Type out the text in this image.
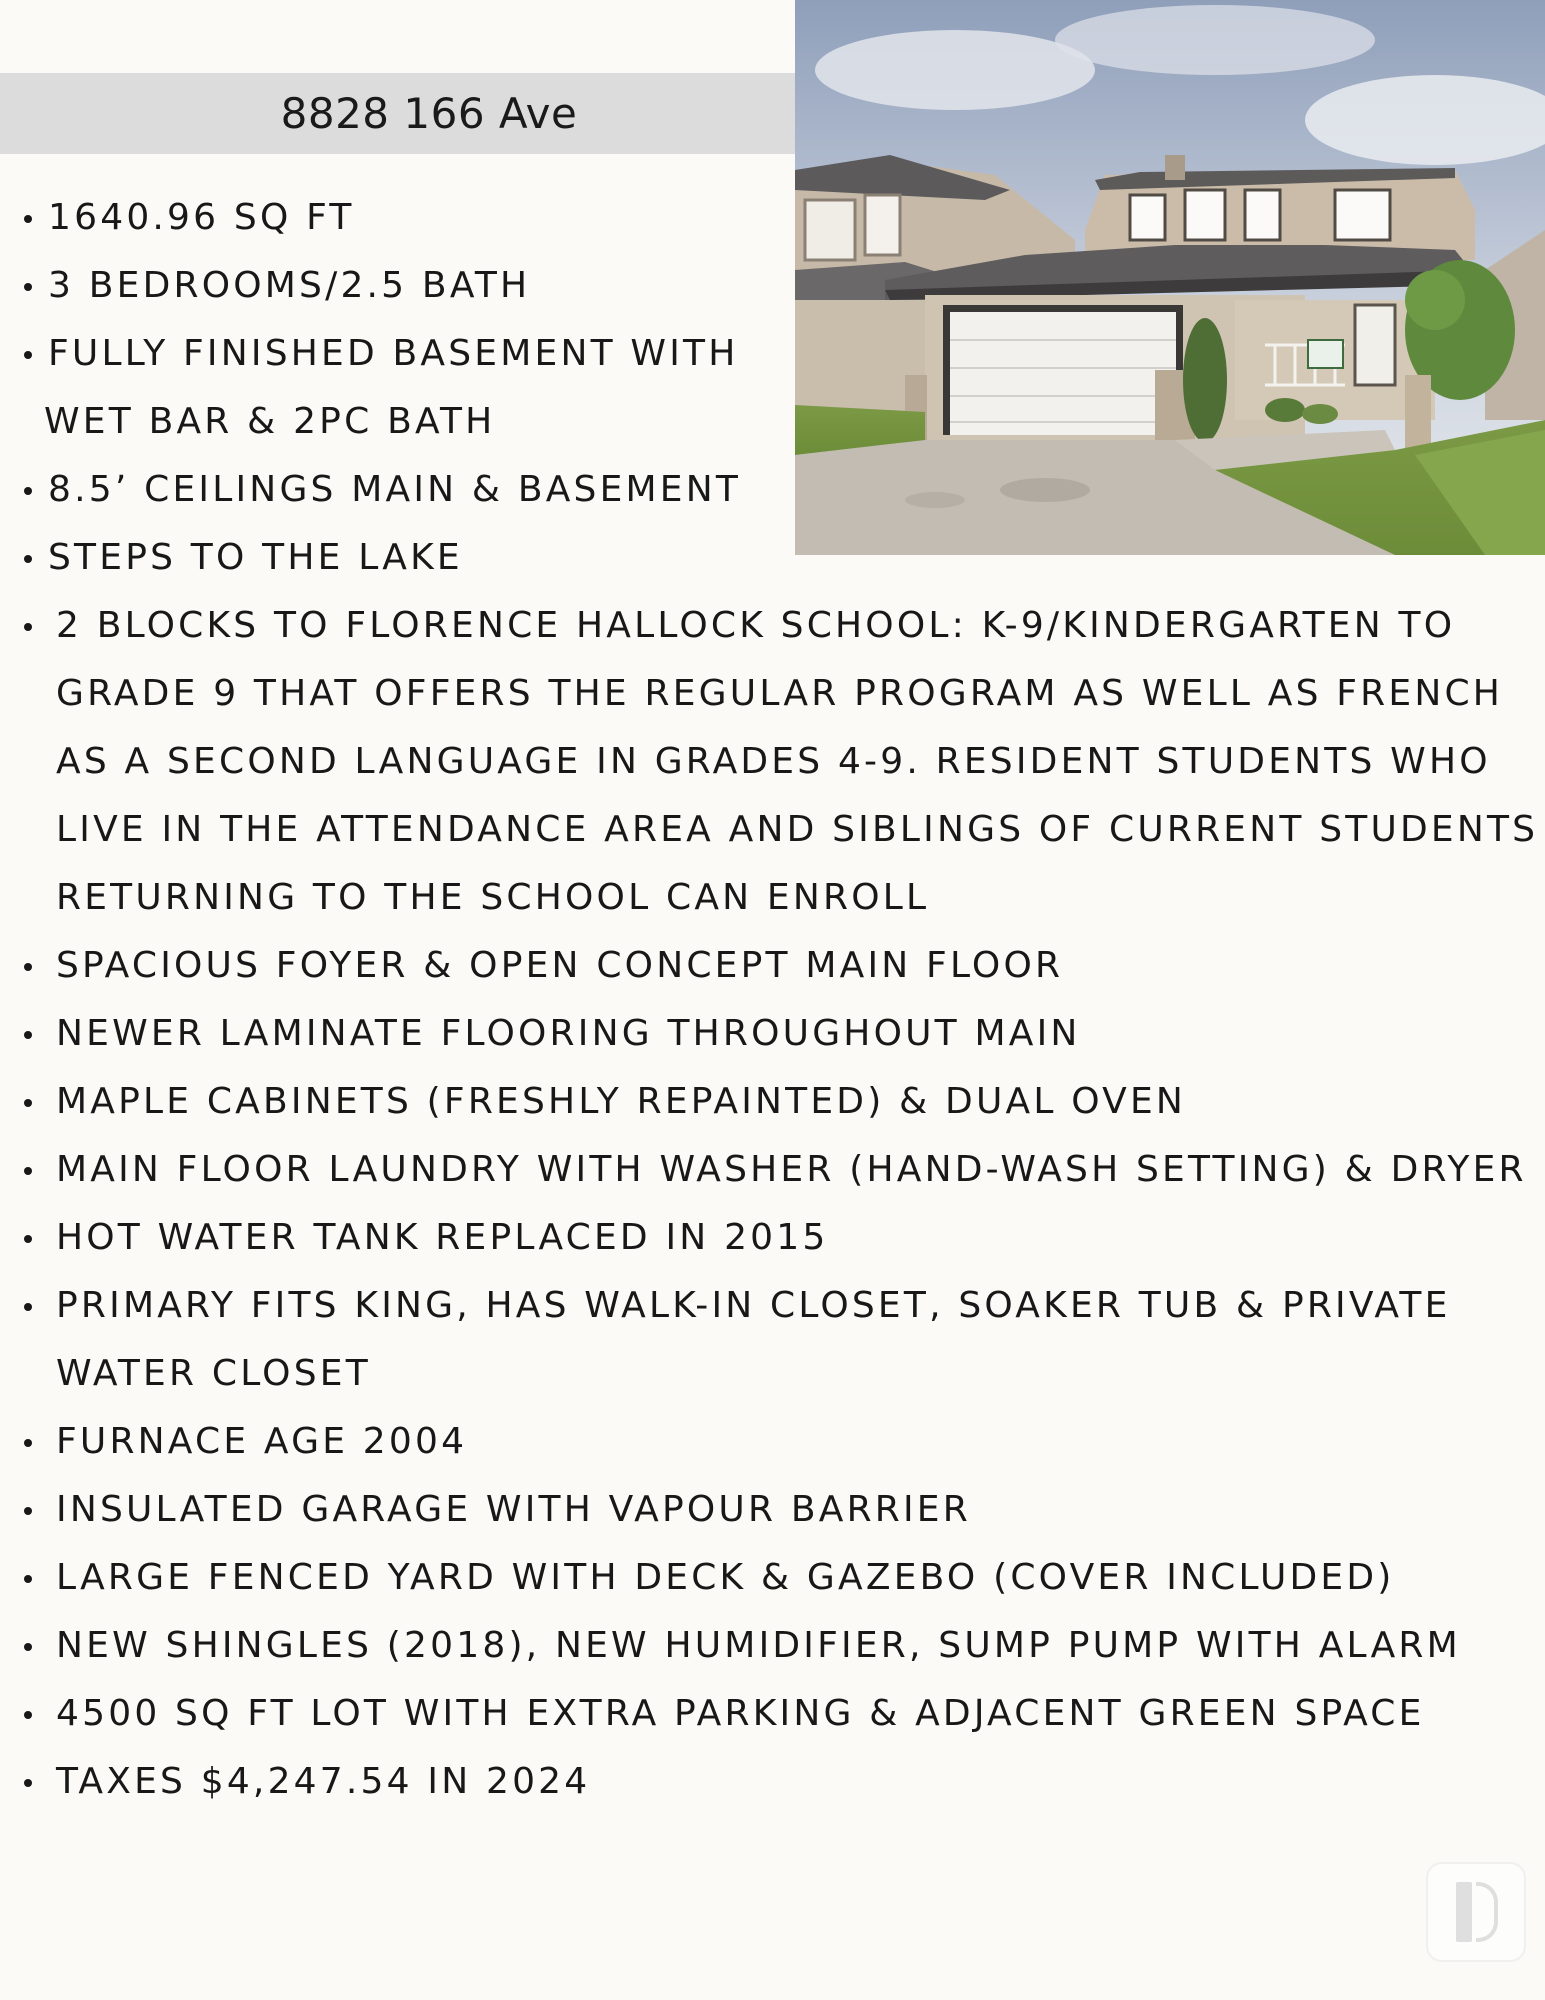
8828 166 Ave
1640.96 SQ FT
3 BEDROOMS/2.5 BATH
FULLY FINISHED BASEMENT WITH
WET BAR & 2PC BATH
8.5’ CEILINGS MAIN & BASEMENT
STEPS TO THE LAKE
2 BLOCKS TO FLORENCE HALLOCK SCHOOL: K-9/KINDERGARTEN TO GRADE 9 THAT OFFERS THE REGULAR PROGRAM AS WELL AS FRENCH AS A SECOND LANGUAGE IN GRADES 4-9. RESIDENT STUDENTS WHO LIVE IN THE ATTENDANCE AREA AND SIBLINGS OF CURRENT STUDENTS RETURNING TO THE SCHOOL CAN ENROLL
SPACIOUS FOYER & OPEN CONCEPT MAIN FLOOR
NEWER LAMINATE FLOORING THROUGHOUT MAIN
MAPLE CABINETS (FRESHLY REPAINTED) & DUAL OVEN
MAIN FLOOR LAUNDRY WITH WASHER (HAND-WASH SETTING) & DRYER
HOT WATER TANK REPLACED IN 2015
PRIMARY FITS KING, HAS WALK-IN CLOSET, SOAKER TUB & PRIVATE WATER CLOSET
FURNACE AGE 2004
INSULATED GARAGE WITH VAPOUR BARRIER
LARGE FENCED YARD WITH DECK & GAZEBO (COVER INCLUDED)
NEW SHINGLES (2018), NEW HUMIDIFIER, SUMP PUMP WITH ALARM
4500 SQ FT LOT WITH EXTRA PARKING & ADJACENT GREEN SPACE
TAXES $4,247.54 IN 2024
